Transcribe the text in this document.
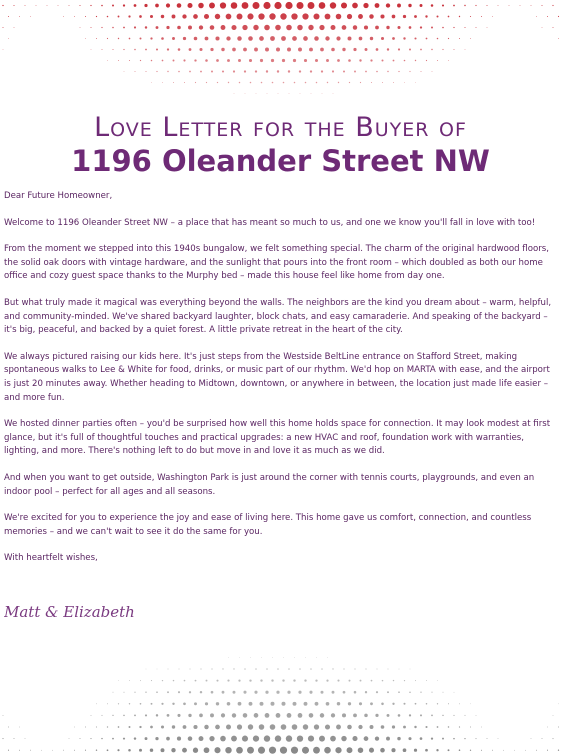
Love Letter for the Buyer of
1196 Oleander Street NW

Dear Future Homeowner,

Welcome to 1196 Oleander Street NW – a place that has meant so much to us, and one we know you'll fall in love with too!

From the moment we stepped into this 1940s bungalow, we felt something special. The charm of the original hardwood floors, the solid oak doors with vintage hardware, and the sunlight that pours into the front room – which doubled as both our home office and cozy guest space thanks to the Murphy bed – made this house feel like home from day one.

But what truly made it magical was everything beyond the walls. The neighbors are the kind you dream about – warm, helpful, and community-minded. We've shared backyard laughter, block chats, and easy camaraderie. And speaking of the backyard – it's big, peaceful, and backed by a quiet forest. A little private retreat in the heart of the city.

We always pictured raising our kids here. It's just steps from the Westside BeltLine entrance on Stafford Street, making spontaneous walks to Lee & White for food, drinks, or music part of our rhythm. We'd hop on MARTA with ease, and the airport is just 20 minutes away. Whether heading to Midtown, downtown, or anywhere in between, the location just made life easier – and more fun.

We hosted dinner parties often – you'd be surprised how well this home holds space for connection. It may look modest at first glance, but it's full of thoughtful touches and practical upgrades: a new HVAC and roof, foundation work with warranties, lighting, and more. There's nothing left to do but move in and love it as much as we did.

And when you want to get outside, Washington Park is just around the corner with tennis courts, playgrounds, and even an indoor pool – perfect for all ages and all seasons.

We're excited for you to experience the joy and ease of living here. This home gave us comfort, connection, and countless memories – and we can't wait to see it do the same for you.

With heartfelt wishes,

Matt & Elizabeth
